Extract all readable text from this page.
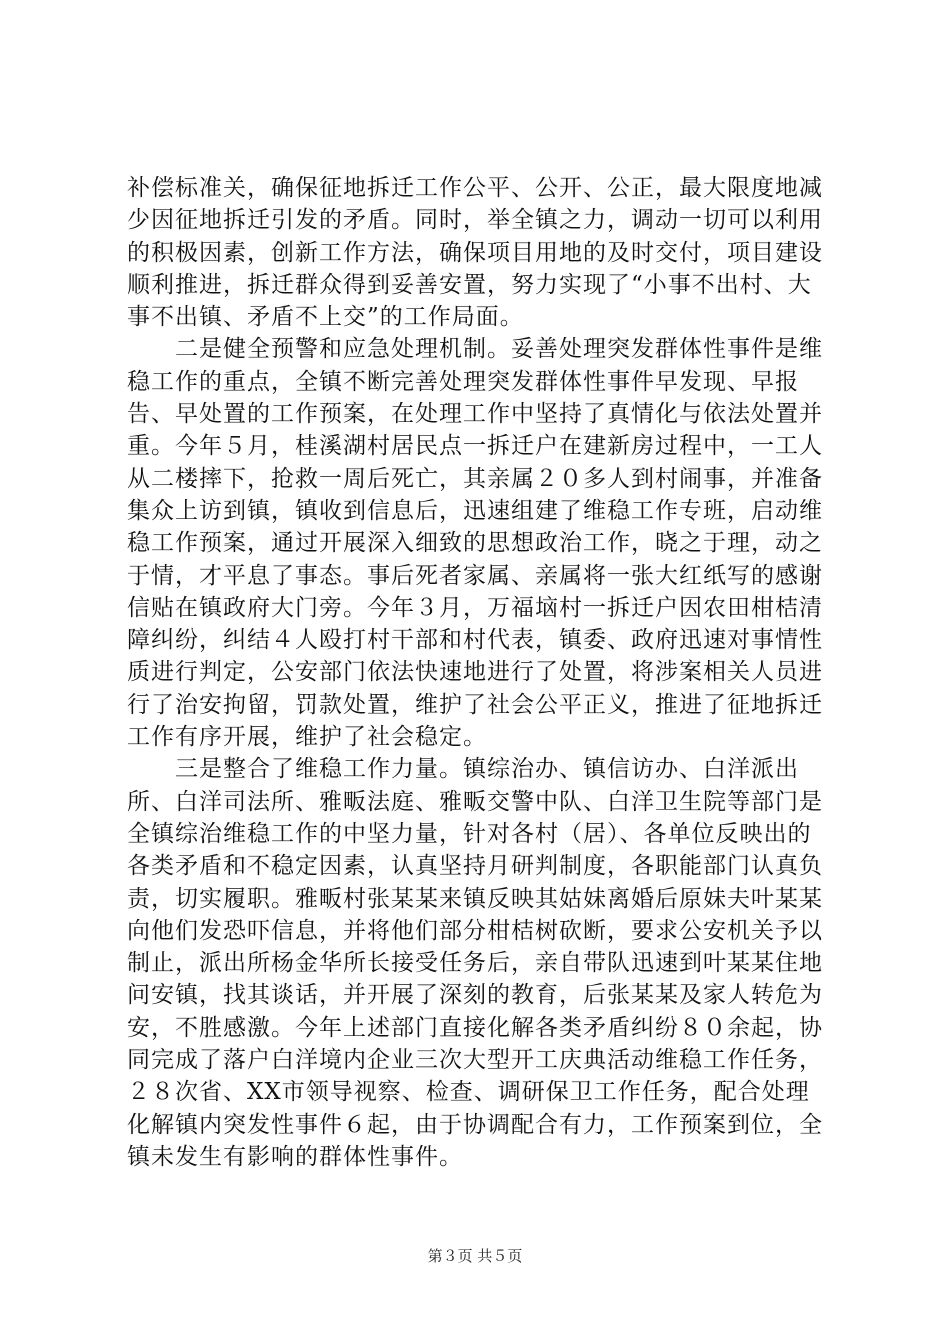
补偿标准关，确保征地拆迁工作公平、公开、公正，最大限度地减少因征地拆迁引发的矛盾。同时，举全镇之力，调动一切可以利用的积极因素，创新工作方法，确保项目用地的及时交付，项目建设顺利推进，拆迁群众得到妥善安置，努力实现了“小事不出村、大事不出镇、矛盾不上交”的工作局面。

二是健全预警和应急处理机制。妥善处理突发群体性事件是维稳工作的重点，全镇不断完善处理突发群体性事件早发现、早报告、早处置的工作预案，在处理工作中坚持了真情化与依法处置并重。今年５月，桂溪湖村居民点一拆迁户在建新房过程中，一工人从二楼摔下，抢救一周后死亡，其亲属２０多人到村闹事，并准备集众上访到镇，镇收到信息后，迅速组建了维稳工作专班，启动维稳工作预案，通过开展深入细致的思想政治工作，晓之于理，动之于情，才平息了事态。事后死者家属、亲属将一张大红纸写的感谢信贴在镇政府大门旁。今年３月，万福垴村一拆迁户因农田柑桔清障纠纷，纠结４人殴打村干部和村代表，镇委、政府迅速对事情性质进行判定，公安部门依法快速地进行了处置，将涉案相关人员进行了治安拘留，罚款处置，维护了社会公平正义，推进了征地拆迁工作有序开展，维护了社会稳定。

三是整合了维稳工作力量。镇综治办、镇信访办、白洋派出所、白洋司法所、雅畈法庭、雅畈交警中队、白洋卫生院等部门是全镇综治维稳工作的中坚力量，针对各村（居）、各单位反映出的各类矛盾和不稳定因素，认真坚持月研判制度，各职能部门认真负责，切实履职。雅畈村张某某来镇反映其姑妹离婚后原妹夫叶某某向他们发恐吓信息，并将他们部分柑桔树砍断，要求公安机关予以制止，派出所杨金华所长接受任务后，亲自带队迅速到叶某某住地问安镇，找其谈话，并开展了深刻的教育，后张某某及家人转危为安，不胜感激。今年上述部门直接化解各类矛盾纠纷８０余起，协同完成了落户白洋境内企业三次大型开工庆典活动维稳工作任务，２８次省、XX市领导视察、检查、调研保卫工作任务，配合处理化解镇内突发性事件６起，由于协调配合有力，工作预案到位，全镇未发生有影响的群体性事件。

第３页 共５页
